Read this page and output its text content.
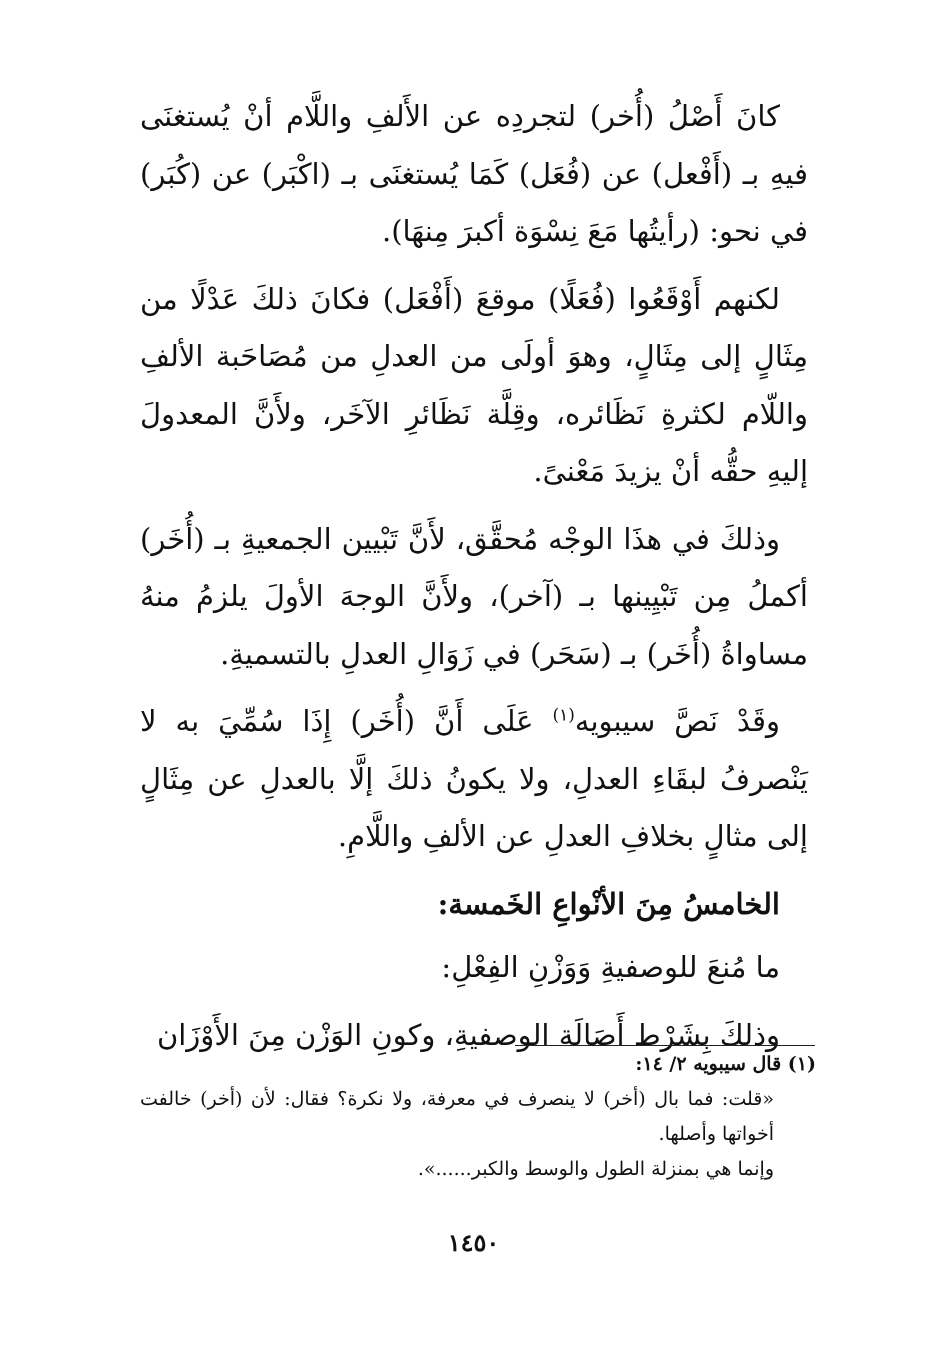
كانَ أَصْلُ (أُخر) لتجردِه عن الأَلفِ واللَّام أنْ يُستغنَى فيهِ بـ (أَفْعل) عن (فُعَل) كَمَا يُستغنَى بـ (اكْبَر) عن (كُبَر) في نحو: (رأيتُها مَعَ نِسْوَة أكبرَ مِنهَا).

لكنهم أَوْقَعُوا (فُعَلًا) موقعَ (أَفْعَل) فكانَ ذلكَ عَدْلًا من مِثَالٍ إلى مِثَالٍ، وهوَ أولَى من العدلِ من مُصَاحَبة الألفِ واللّام لكثرةِ نَظَائره، وقِلَّة نَظَائرِ الآخَر، ولأَنَّ المعدولَ إليهِ حقُّه أنْ يزيدَ مَعْنىً.

وذلكَ في هذَا الوجْه مُحقَّق، لأَنَّ تَبْيين الجمعيةِ بـ (أُخَر) أكملُ مِن تَبْيِينها بـ (آخر)، ولأَنَّ الوجهَ الأولَ يلزمُ منهُ مساواةُ (أُخَر) بـ (سَحَر) في زَوَالِ العدلِ بالتسميةِ.

وقَدْ نَصَّ سيبويه$^{(١)}$ عَلَى أَنَّ (أُخَر) إِذَا سُمِّيَ به لا يَنْصرفُ لبقَاءِ العدلِ، ولا يكونُ ذلكَ إلَّا بالعدلِ عن مِثَالٍ إلى مثالٍ بخلافِ العدلِ عن الألفِ واللَّامِ.

الخامسُ مِنَ الأنْواعِ الخَمسة:

ما مُنعَ للوصفيةِ وَوَزْنِ الفِعْلِ:

وذلكَ بِشَرْط أَصَالَة الوصفيةِ، وكونِ الوَزْن مِنَ الأَوْزَان

(١) قال سيبويه ٢/ ١٤:

«قلت: فما بال (أخر) لا ينصرف في معرفة، ولا نكرة؟ فقال: لأن (أخر) خالفت أخواتها وأصلها.

وإنما هي بمنزلة الطول والوسط والكبر......».

١٤٥٠
